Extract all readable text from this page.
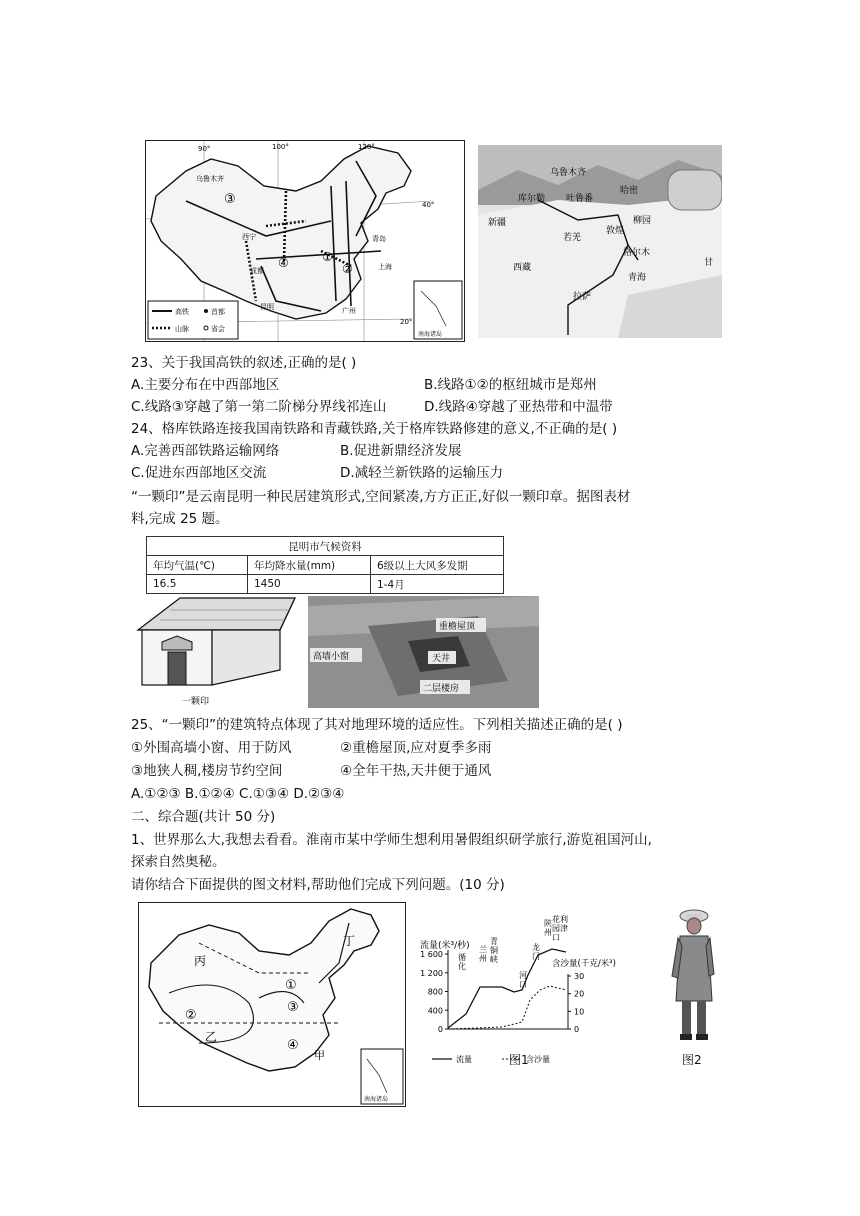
90°	100°	120°
40°
20°
③
④	①
②
乌鲁木齐
西宁
成都
昆明
青岛
上海
广州
高铁	首都
山脉	省会
南海诸岛
乌鲁木齐
哈密
库尔勒 吐鲁番
新疆
若羌
敦煌
柳园
格尔木
西藏
青海
拉萨
甘
23、关于我国高铁的叙述,正确的是( )
A.主要分布在中西部地区	B.线路①②的枢纽城市是郑州
C.线路③穿越了第一第二阶梯分界线祁连山	D.线路④穿越了亚热带和中温带
24、格库铁路连接我国南铁路和青藏铁路,关于格库铁路修建的意义,不正确的是( )
A.完善西部铁路运输网络	B.促进新鼎经济发展
C.促进东西部地区交流	D.减轻兰新铁路的运输压力
“一颗印”是云南昆明一种民居建筑形式,空间紧凑,方方正正,好似一颗印章。据图表材
料,完成 25 题。
昆明市气候资料		
年均气温(℃)	年均降水量(mm)	6级以上大风多发期
16.5	1450	1-4月
一颗印
重檐屋顶
高墙小窗	天井
二层楼房
25、“一颗印”的建筑特点体现了其对地理环境的适应性。下列相关描述正确的是( )
①外围高墙小窗、用于防风	②重檐屋顶,应对夏季多雨
③地狭人稠,楼房节约空间	④全年干热,天井便于通风
A.①②③ B.①②④ C.①③④ D.②③④
二、综合题(共计 50 分)
1、世界那么大,我想去看看。淮南市某中学师生想利用暑假组织研学旅行,游览祖国河山,
探索自然奥秘。
请你结合下面提供的图文材料,帮助他们完成下列问题。(10 分)
丙
丁
①
②
③
④
乙
甲
南海诸岛
流量(米³/秒)
含沙量(千克/米³)
0
400
800
1 200
1 600
0
10
20
30
循化
兰州
青铜峡
河口
龙门
陕州
花园口
利津
流量	含沙量
图1	图2
